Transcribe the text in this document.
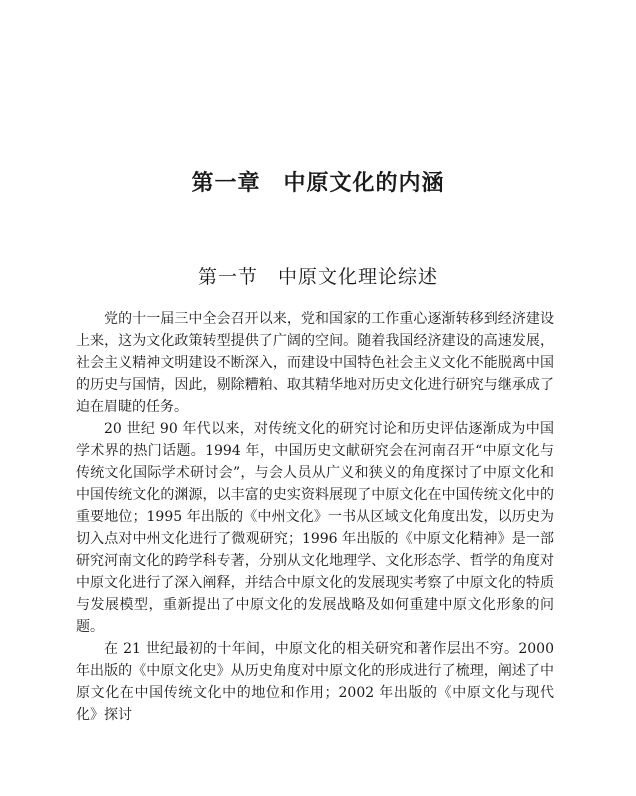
第一章　中原文化的内涵
第一节　中原文化理论综述

党的十一届三中全会召开以来，党和国家的工作重心逐渐转移到经济建设上来，这为文化政策转型提供了广阔的空间。随着我国经济建设的高速发展，社会主义精神文明建设不断深入，而建设中国特色社会主义文化不能脱离中国的历史与国情，因此，剔除糟粕、取其精华地对历史文化进行研究与继承成了迫在眉睫的任务。

20 世纪 90 年代以来，对传统文化的研究讨论和历史评估逐渐成为中国学术界的热门话题。1994 年，中国历史文献研究会在河南召开“中原文化与传统文化国际学术研讨会”，与会人员从广义和狭义的角度探讨了中原文化和中国传统文化的渊源，以丰富的史实资料展现了中原文化在中国传统文化中的重要地位；1995 年出版的《中州文化》一书从区域文化角度出发，以历史为切入点对中州文化进行了微观研究；1996 年出版的《中原文化精神》是一部研究河南文化的跨学科专著，分别从文化地理学、文化形态学、哲学的角度对中原文化进行了深入阐释，并结合中原文化的发展现实考察了中原文化的特质与发展模型，重新提出了中原文化的发展战略及如何重建中原文化形象的问题。

在 21 世纪最初的十年间，中原文化的相关研究和著作层出不穷。2000 年出版的《中原文化史》从历史角度对中原文化的形成进行了梳理，阐述了中原文化在中国传统文化中的地位和作用；2002 年出版的《中原文化与现代化》探讨
